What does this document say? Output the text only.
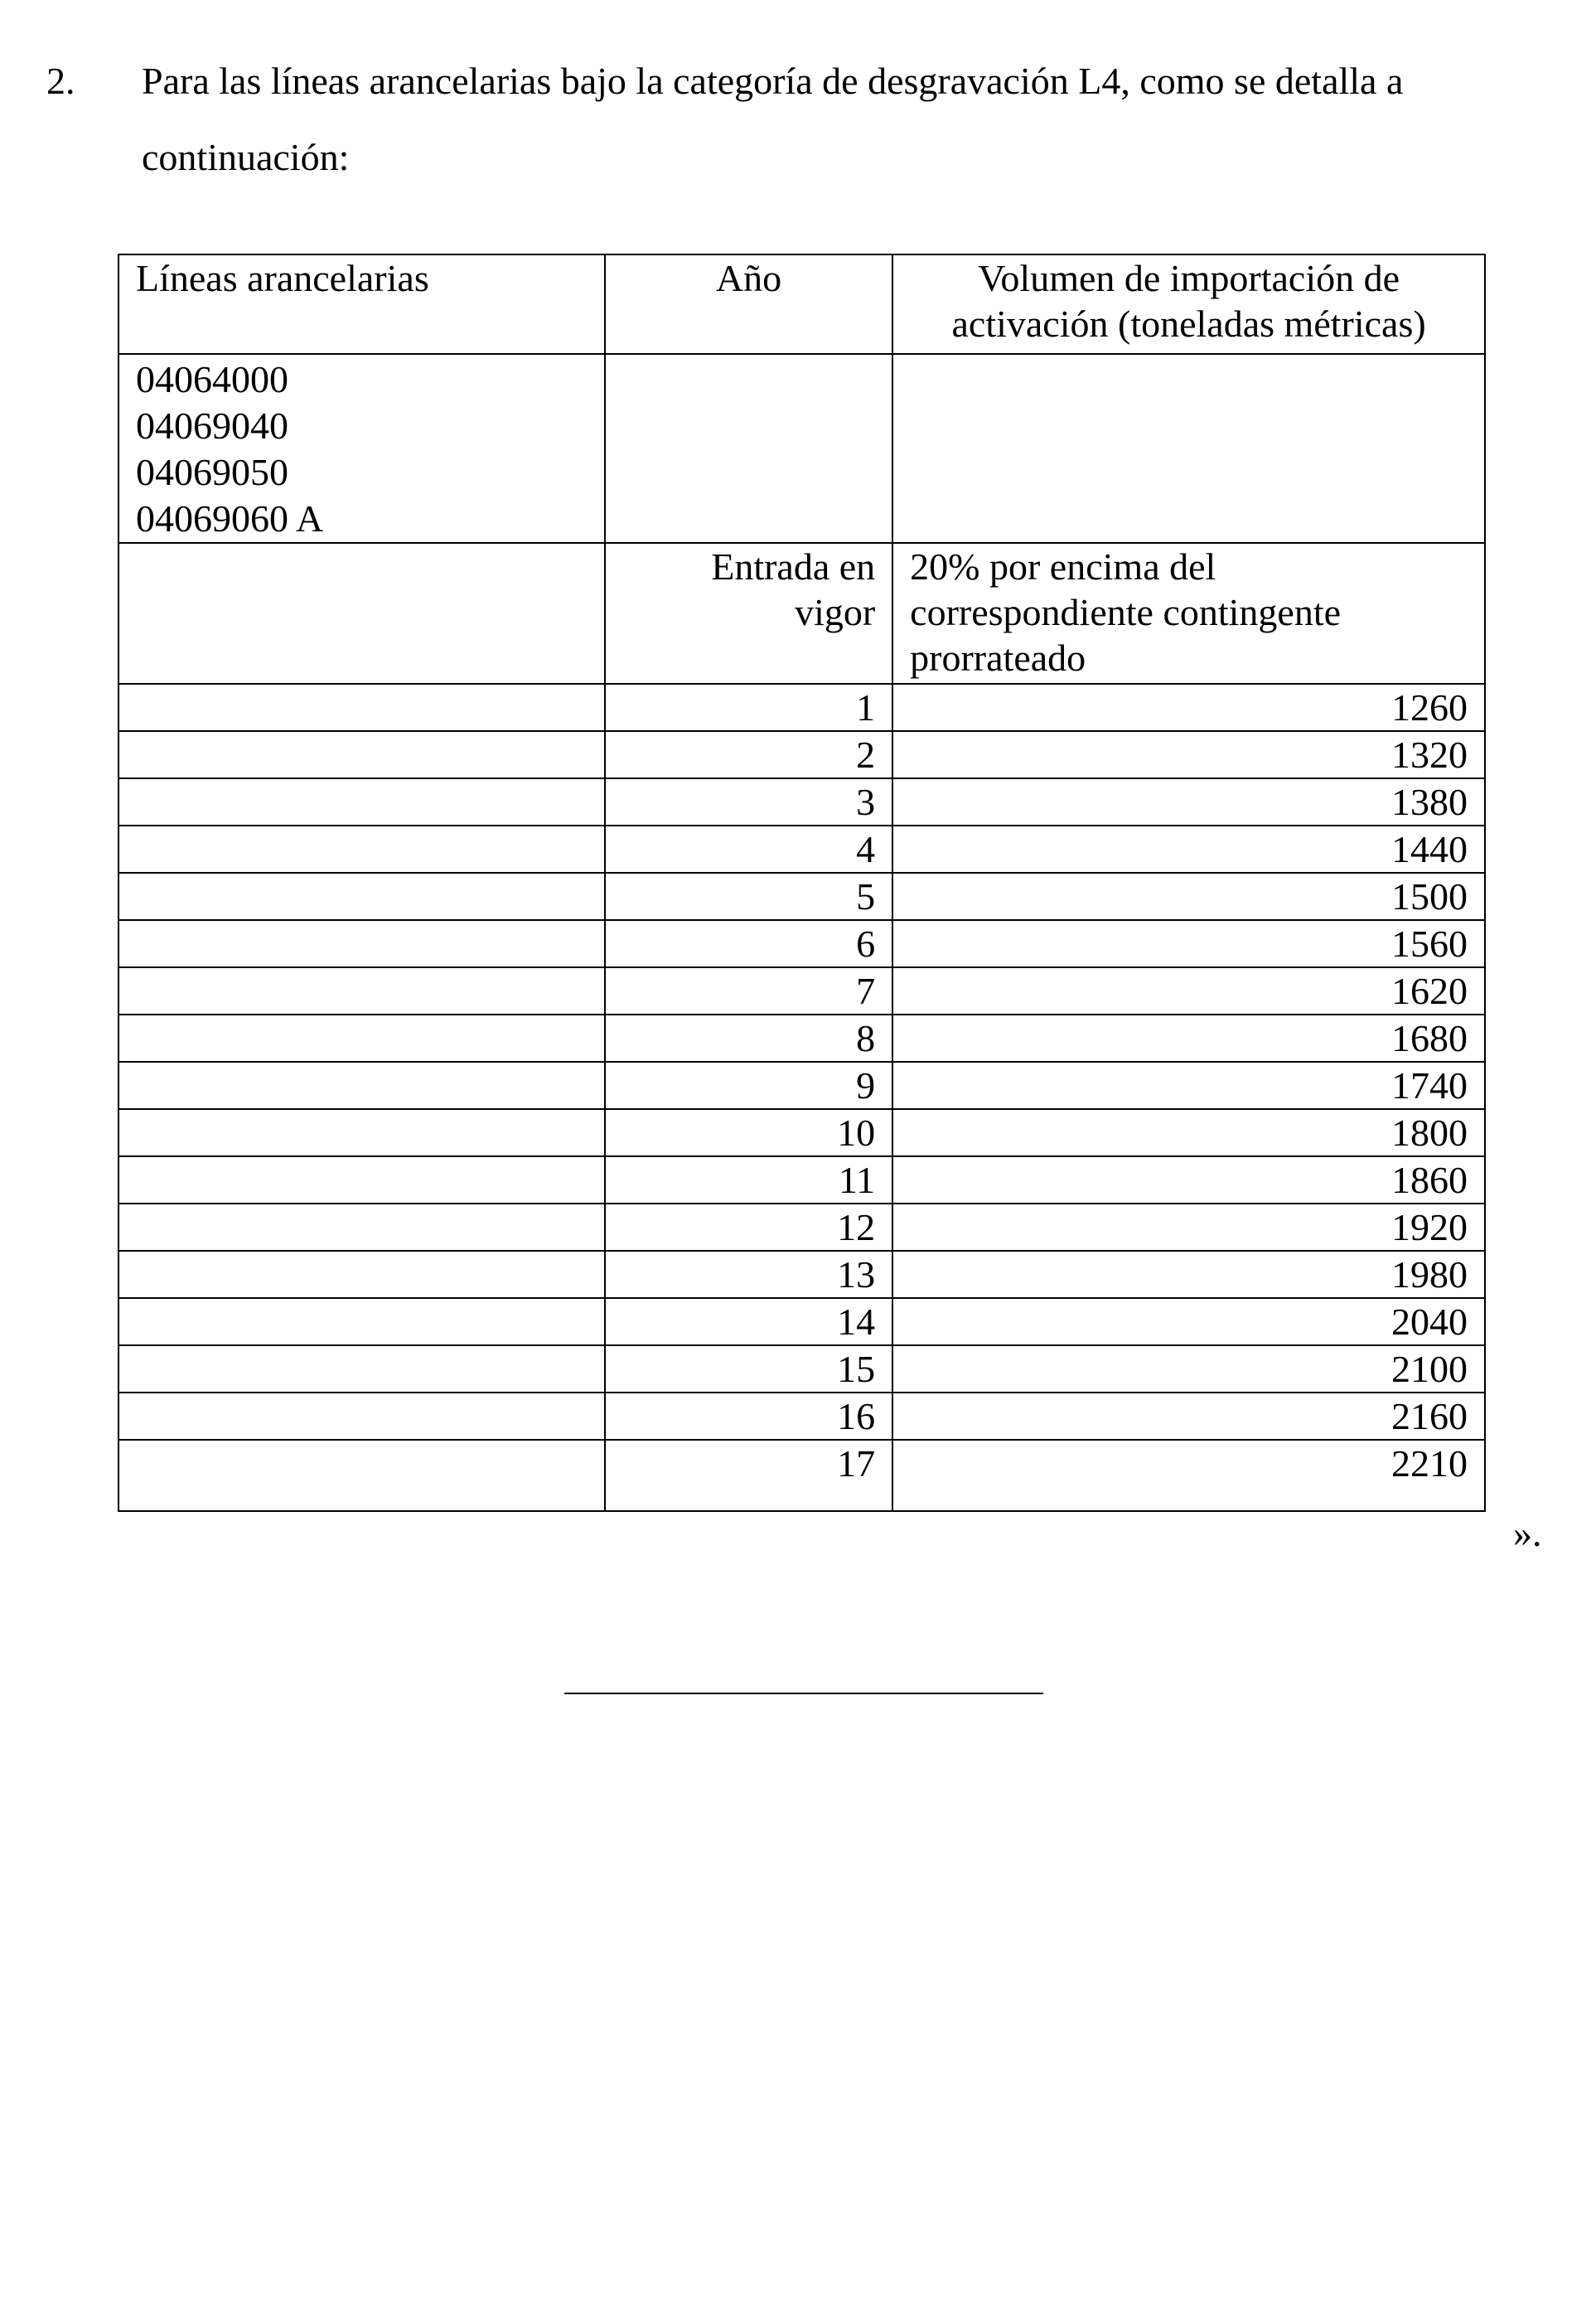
2. Para las líneas arancelarias bajo la categoría de desgravación L4, como se detalla a continuación:
Líneas arancelarias	Año	Volumen de importación de activación (toneladas métricas)

04064000
04069040
04069050
04069060 A		

	Entrada en vigor	20% por encima del correspondiente contingente prorrateado
	1	1260
	2	1320
	3	1380
	4	1440
	5	1500
	6	1560
	7	1620
	8	1680
	9	1740
	10	1800
	11	1860
	12	1920
	13	1980
	14	2040
	15	2100
	16	2160
	17	2210
».
